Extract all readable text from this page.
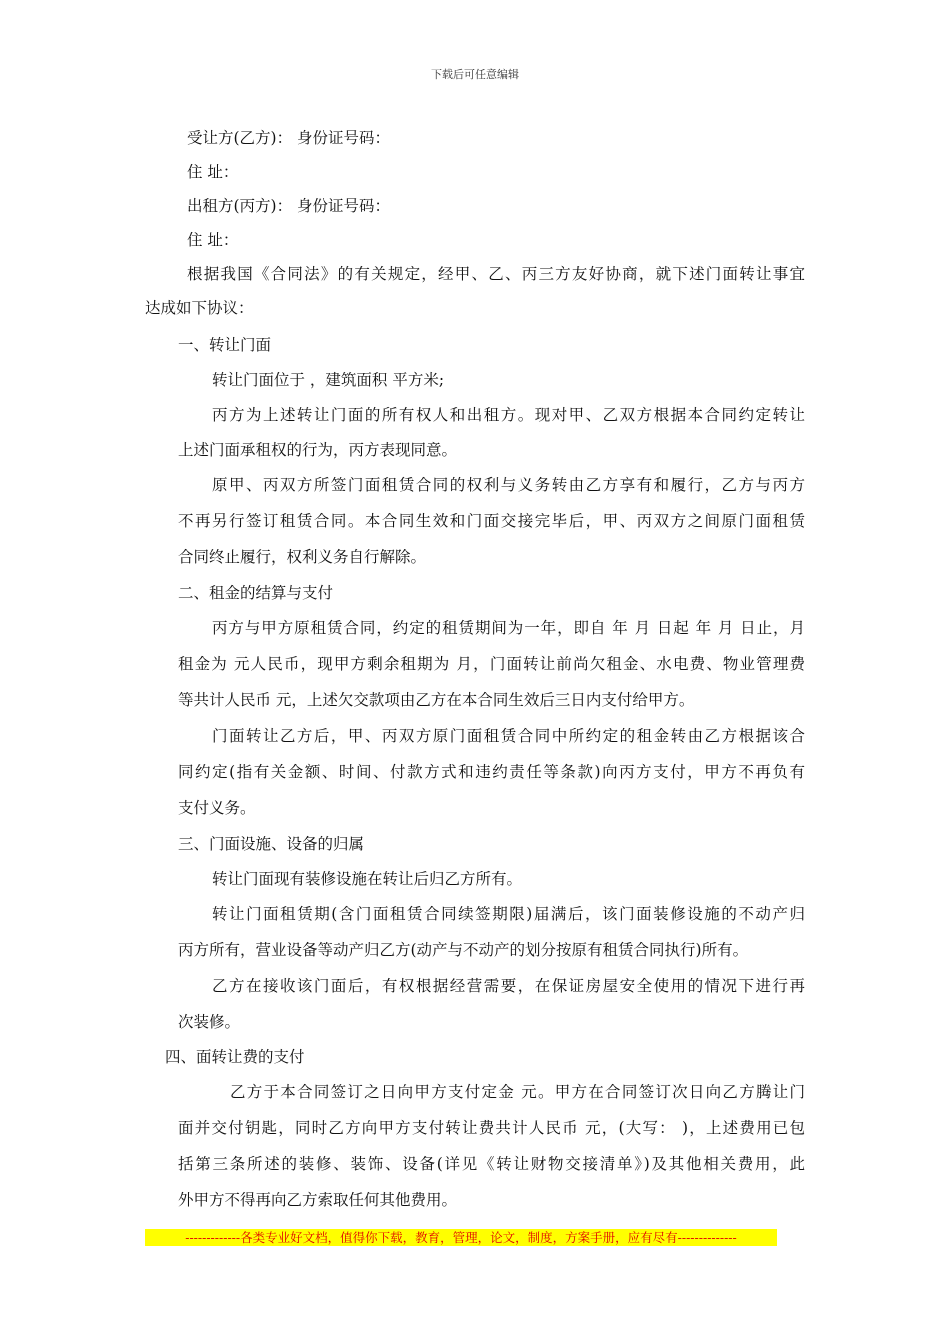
下载后可任意编辑
受让方(乙方)： 身份证号码：
住 址：
出租方(丙方)： 身份证号码：
住 址：
根据我国《合同法》的有关规定，经甲、乙、丙三方友好协商，就下述门面转让事宜
达成如下协议：
一、转让门面
转让门面位于 ，建筑面积 平方米;
丙方为上述转让门面的所有权人和出租方。现对甲、乙双方根据本合同约定转让
上述门面承租权的行为，丙方表现同意。
原甲、丙双方所签门面租赁合同的权利与义务转由乙方享有和履行，乙方与丙方
不再另行签订租赁合同。本合同生效和门面交接完毕后，甲、丙双方之间原门面租赁
合同终止履行，权利义务自行解除。
二、租金的结算与支付
丙方与甲方原租赁合同，约定的租赁期间为一年，即自 年 月 日起 年 月 日止，月
租金为 元人民币，现甲方剩余租期为 月，门面转让前尚欠租金、水电费、物业管理费
等共计人民币 元，上述欠交款项由乙方在本合同生效后三日内支付给甲方。
门面转让乙方后，甲、丙双方原门面租赁合同中所约定的租金转由乙方根据该合
同约定(指有关金额、时间、付款方式和违约责任等条款)向丙方支付，甲方不再负有
支付义务。
三、门面设施、设备的归属
转让门面现有装修设施在转让后归乙方所有。
转让门面租赁期(含门面租赁合同续签期限)届满后，该门面装修设施的不动产归
丙方所有，营业设备等动产归乙方(动产与不动产的划分按原有租赁合同执行)所有。
乙方在接收该门面后，有权根据经营需要，在保证房屋安全使用的情况下进行再
次装修。
四、面转让费的支付
乙方于本合同签订之日向甲方支付定金 元。甲方在合同签订次日向乙方腾让门
面并交付钥匙，同时乙方向甲方支付转让费共计人民币 元，(大写： )，上述费用已包
括第三条所述的装修、装饰、设备(详见《转让财物交接清单》)及其他相关费用，此
外甲方不得再向乙方索取任何其他费用。
-------------各类专业好文档，值得你下载，教育，管理，论文，制度，方案手册，应有尽有--------------
